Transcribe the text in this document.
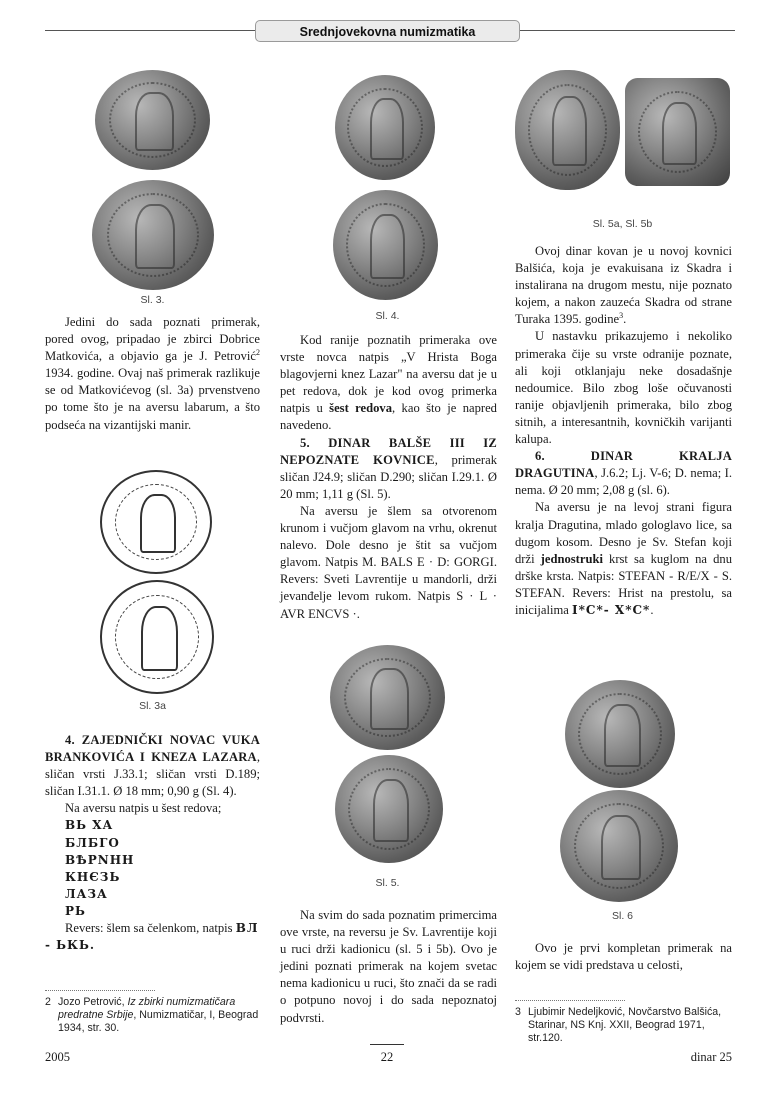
Srednjovekovna numizmatika

Sl. 3.

Jedini do sada poznati primerak, pored ovog, pripadao je zbirci Dobrice Matkovića, a objavio ga je J. Petrović$^2$ 1934. godine. Ovaj naš primerak razlikuje se od Matkovićevog (sl. 3a) prvenstveno po tome što je na aversu labarum, a što podseća na vizantijski manir.

Sl. 3a

4. ZAJEDNIČKI NOVAC VUKA BRANKOVIĆA I KNEZA LAZARA, sličan vrsti J.33.1; sličan vrsti D.189; sličan I.31.1. Ø 18 mm; 0,90 g (Sl. 4).

Na aversu natpis u šest redova;

ВЬ ХА
БЛБГО
ВѢРNНН
КНЄЗЬ
ЛАЗА
РЬ

Revers: šlem sa čelenkom, natpis ВЛ

- ЬКЬ.

2 Jozo Petrović, Iz zbirki numizmatičara predratne Srbije, Numizmatičar, I, Beograd 1934, str. 30.

Sl. 4.

Kod ranije poznatih primeraka ove vrste novca natpis „V Hrista Boga blagovjerni knez Lazar" na aversu dat je u pet redova, dok je kod ovog primerka natpis u šest redova, kao što je napred navedeno.

5. DINAR BALŠE III IZ NEPOZNATE KOVNICE, primerak sličan J24.9; sličan D.290; sličan I.29.1. Ø 20 mm; 1,11 g (Sl. 5).

Na aversu je šlem sa otvorenom krunom i vučjom glavom na vrhu, okrenut nalevo. Dole desno je štit sa vučjom glavom. Natpis M. BALS E · D: GORGI. Revers: Sveti Lavrentije u mandorli, drži jevanđelje levom rukom. Natpis S · L · AVR ENCVS ·.

Sl. 5.

Na svim do sada poznatim primercima ove vrste, na reversu je Sv. Lavrentije koji u ruci drži kadionicu (sl. 5 i 5b). Ovo je jedini poznati primerak na kojem svetac nema kadionicu u ruci, što znači da se radi o potpuno novoj i do sada nepoznatoj podvrsti.

Sl. 5a, Sl. 5b

Ovoj dinar kovan je u novoj kovnici Balšića, koja je evakuisana iz Skadra i instalirana na drugom mestu, nije poznato kojem, a nakon zauzeća Skadra od strane Turaka 1395. godine$^3$.

U nastavku prikazujemo i nekoliko primeraka čije su vrste odranije poznate, ali koji otklanjaju neke dosadašnje nedoumice. Bilo zbog loše očuvanosti ranije objavljenih primeraka, bilo zbog sitnih, a interesantnih, kovničkih varijanti kalupa.

6. DINAR KRALJA DRAGUTINA, J.6.2; Lj. V-6; D. nema; I. nema. Ø 20 mm; 2,08 g (sl. 6).

Na aversu je na levoj strani figura kralja Dragutina, mlado gologlavo lice, sa dugom kosom. Desno je Sv. Stefan koji drži jednostruki krst sa kuglom na dnu drške krsta. Natpis: STEFAN - R/E/X - S. STEFAN. Revers: Hrist na prestolu, sa inicijalima I*C*- X*C*.

Sl. 6

Ovo je prvi kompletan primerak na kojem se vidi predstava u celosti,

3 Ljubimir Nedeljković, Novčarstvo Balšića, Starinar, NS Knj. XXII, Beograd 1971, str.120.
2005	22	dinar 25
